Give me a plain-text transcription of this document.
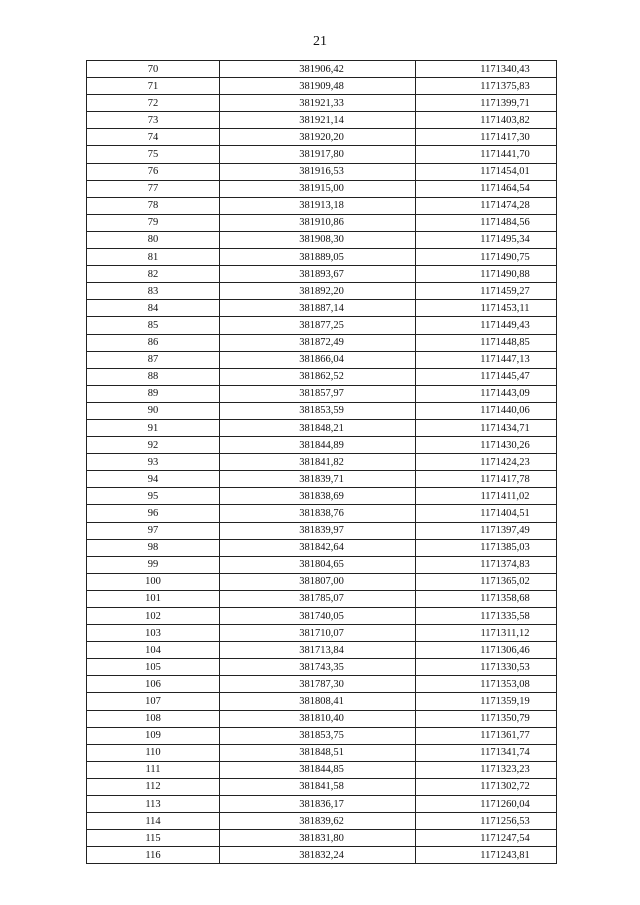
21
70	381906,42	1171340,43
71	381909,48	1171375,83
72	381921,33	1171399,71
73	381921,14	1171403,82
74	381920,20	1171417,30
75	381917,80	1171441,70
76	381916,53	1171454,01
77	381915,00	1171464,54
78	381913,18	1171474,28
79	381910,86	1171484,56
80	381908,30	1171495,34
81	381889,05	1171490,75
82	381893,67	1171490,88
83	381892,20	1171459,27
84	381887,14	1171453,11
85	381877,25	1171449,43
86	381872,49	1171448,85
87	381866,04	1171447,13
88	381862,52	1171445,47
89	381857,97	1171443,09
90	381853,59	1171440,06
91	381848,21	1171434,71
92	381844,89	1171430,26
93	381841,82	1171424,23
94	381839,71	1171417,78
95	381838,69	1171411,02
96	381838,76	1171404,51
97	381839,97	1171397,49
98	381842,64	1171385,03
99	381804,65	1171374,83
100	381807,00	1171365,02
101	381785,07	1171358,68
102	381740,05	1171335,58
103	381710,07	1171311,12
104	381713,84	1171306,46
105	381743,35	1171330,53
106	381787,30	1171353,08
107	381808,41	1171359,19
108	381810,40	1171350,79
109	381853,75	1171361,77
110	381848,51	1171341,74
111	381844,85	1171323,23
112	381841,58	1171302,72
113	381836,17	1171260,04
114	381839,62	1171256,53
115	381831,80	1171247,54
116	381832,24	1171243,81
